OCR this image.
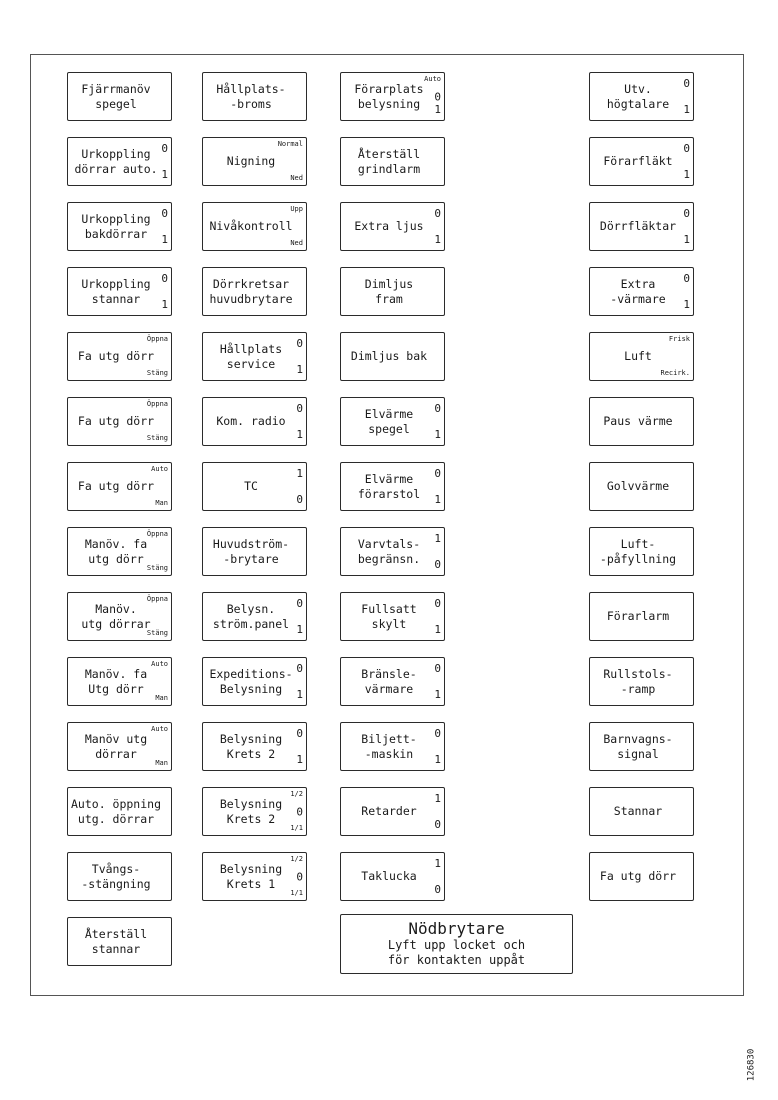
Fjärrmanöv
spegel
Urkoppling
dörrar auto.
0
1
Urkoppling
bakdörrar
0
1
Urkoppling
stannar
0
1
Fa utg dörr
Öppna
Stäng
Fa utg dörr
Öppna
Stäng
Fa utg dörr
Auto
Man
Manöv. fa
utg dörr
Öppna
Stäng
Manöv.
utg dörrar
Öppna
Stäng
Manöv. fa
Utg dörr
Auto
Man
Manöv utg
dörrar
Auto
Man
Auto. öppning
utg. dörrar
Tvångs-
-stängning
Återställ
stannar
Hållplats-
-broms
Nigning
Normal
Ned
Nivåkontroll
Upp
Ned
Dörrkretsar
huvudbrytare
Hållplats
service
0
1
Kom. radio
0
1
TC
1
0
Huvudström-
-brytare
Belysn.
ström.panel
0
1
Expeditions-
Belysning
0
1
Belysning
Krets 2
0
1
Belysning
Krets 2
1/2
0
1/1
Belysning
Krets 1
1/2
0
1/1
Förarplats
belysning
Auto
0
1
Återställ
grindlarm
Extra ljus
0
1
Dimljus
fram
Dimljus bak
Elvärme
spegel
0
1
Elvärme
förarstol
0
1
Varvtals-
begränsn.
1
0
Fullsatt
skylt
0
1
Bränsle-
värmare
0
1
Biljett-
-maskin
0
1
Retarder
1
0
Taklucka
1
0
Utv.
högtalare
0
1
Förarfläkt
0
1
Dörrfläktar
0
1
Extra
-värmare
0
1
Luft
Frisk
Recirk.
Paus värme
Golvvärme
Luft-
-påfyllning
Förarlarm
Rullstols-
-ramp
Barnvagns-
signal
Stannar
Fa utg dörr
Nödbrytare
Lyft upp locket och
för kontakten uppåt
126830
